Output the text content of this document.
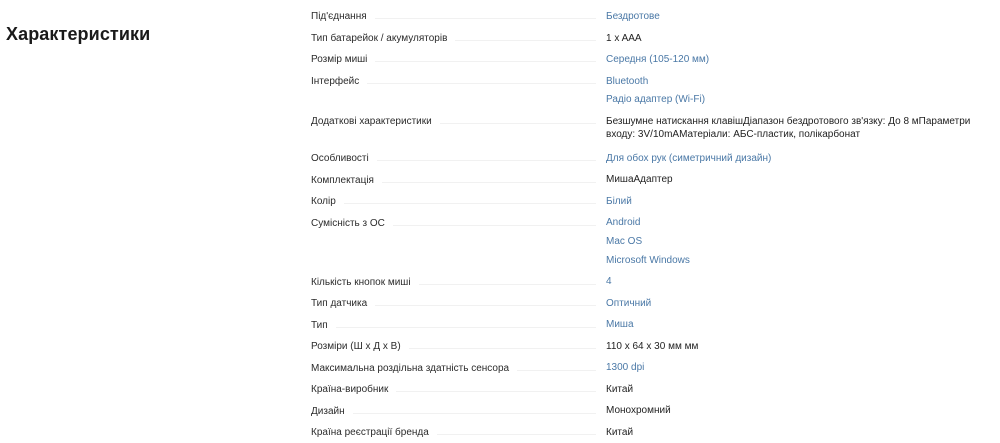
Характеристики
Під'єднання	Бездротове
Тип батарейок / акумуляторів	1 x AAA
Розмір миші	Середня (105-120 мм)
Інтерфейс	Bluetooth
Радіо адаптер (Wi-Fi)
Додаткові характеристики	Безшумне натискання клавішДіапазон бездротового зв'язку: До 8 мПараметри входу: 3V/10mAМатеріали: АБС-пластик, полікарбонат
Особливості	Для обох рук (симетричний дизайн)
Комплектація	МишаАдаптер
Колір	Білий
Сумісність з ОС	Android
Mac OS
Microsoft Windows
Кількість кнопок миші	4
Тип датчика	Оптичний
Тип	Миша
Розміри (Ш x Д x В)	110 x 64 x 30 мм мм
Максимальна роздільна здатність сенсора	1300 dpi
Країна-виробник	Китай
Дизайн	Монохромний
Країна реєстрації бренда	Китай
